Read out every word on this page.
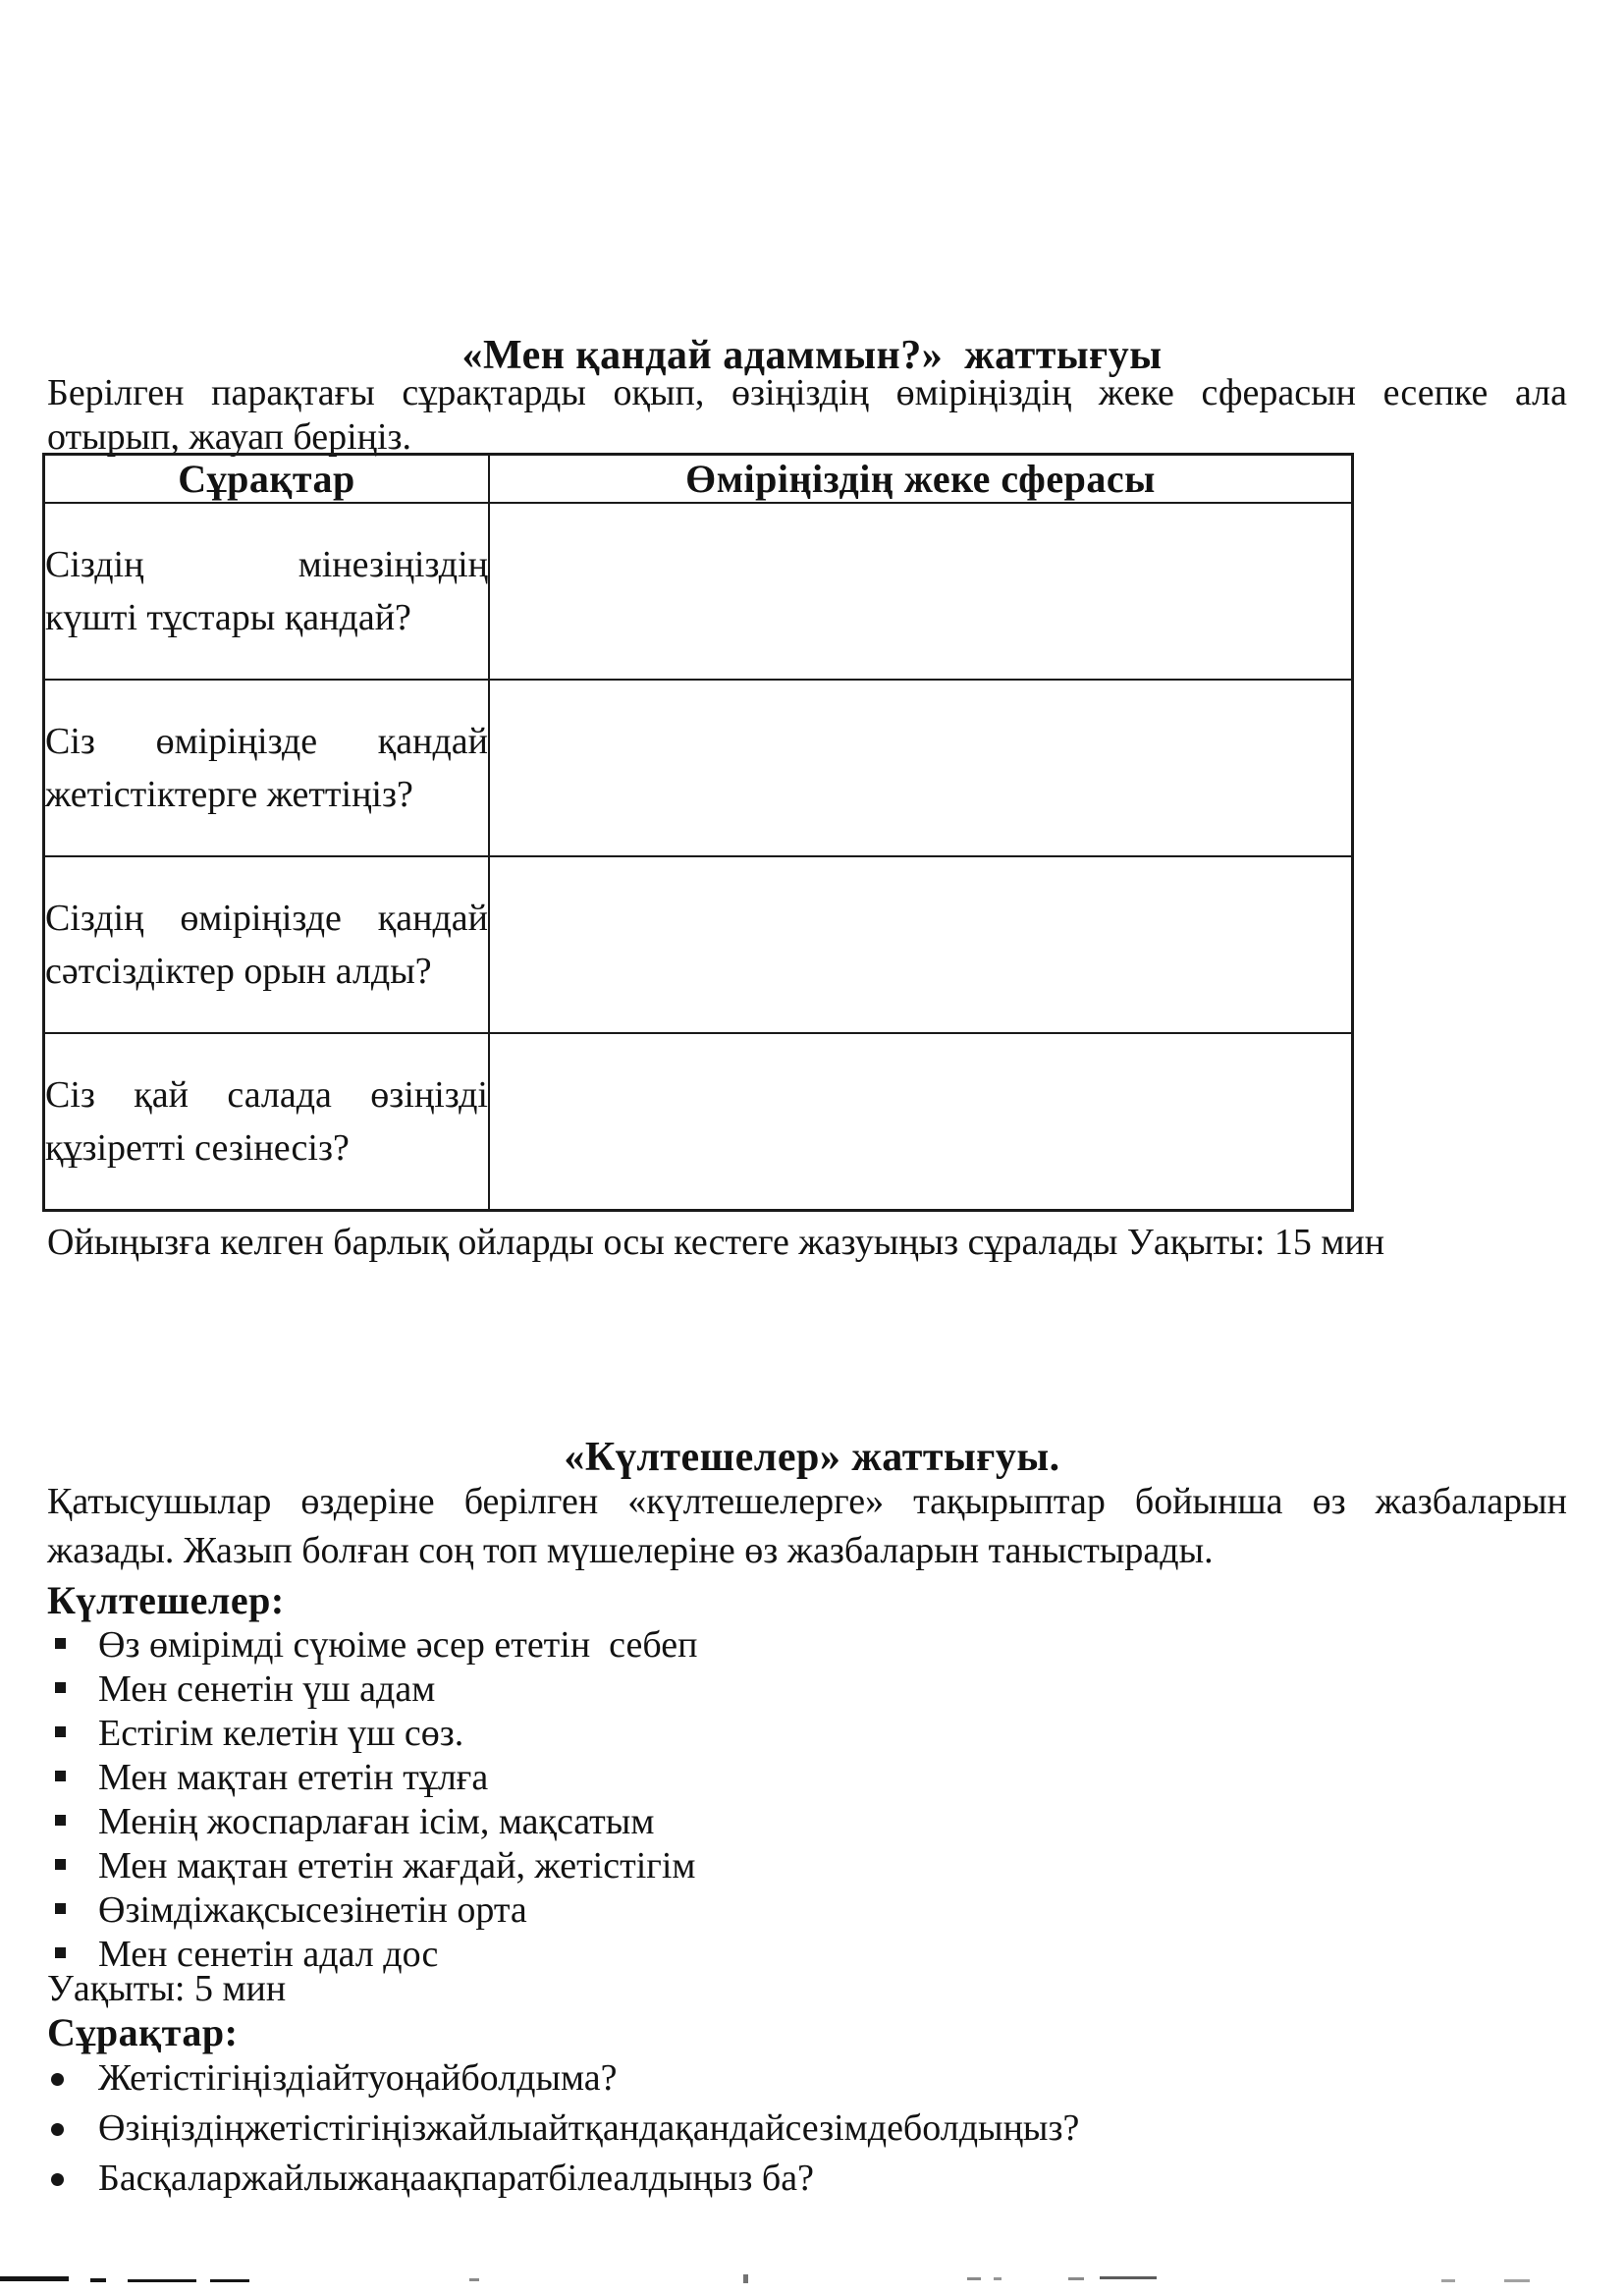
«Мен қандай адаммын?»  жаттығуы
Берілген парақтағы сұрақтарды оқып, өзіңіздің өміріңіздің жеке сферасын есепке ала
отырып, жауап беріңіз.
Сұрақтар	Өміріңіздің жеке сферасы

Сіздің мінезіңіздің
күшті тұстары қандай?	

Сіз өміріңізде қандай
жетістіктерге жеттіңіз?	

Сіздің өміріңізде қандай
сәтсіздіктер орын алды?	

Сіз қай салада өзіңізді
құзіретті сезінесіз?	

Ойыңызға келген барлық ойларды осы кестеге жазуыңыз сұралады Уақыты: 15 мин
«Күлтешелер» жаттығуы.
Қатысушылар өздеріне берілген «күлтешелерге» тақырыптар бойынша өз жазбаларын
жазады. Жазып болған соң топ мүшелеріне өз жазбаларын таныстырады.
Күлтешелер:
Өз өмірімді сүюіме әсер ететін  себеп
Мен сенетін үш адам
Естігім келетін үш сөз.
Мен мақтан ететін тұлға
Менің жоспарлаған ісім, мақсатым
Мен мақтан ететін жағдай, жетістігім
Өзімдіжақсысезінетін орта
Мен сенетін адал дос
Уақыты: 5 мин
Сұрақтар:
Жетістігіңіздіайтуоңайболдыма?
Өзіңіздіңжетістігіңізжайлыайтқандақандайсезімдеболдыңыз?
Басқаларжайлыжаңаақпаратбілеалдыңыз ба?
